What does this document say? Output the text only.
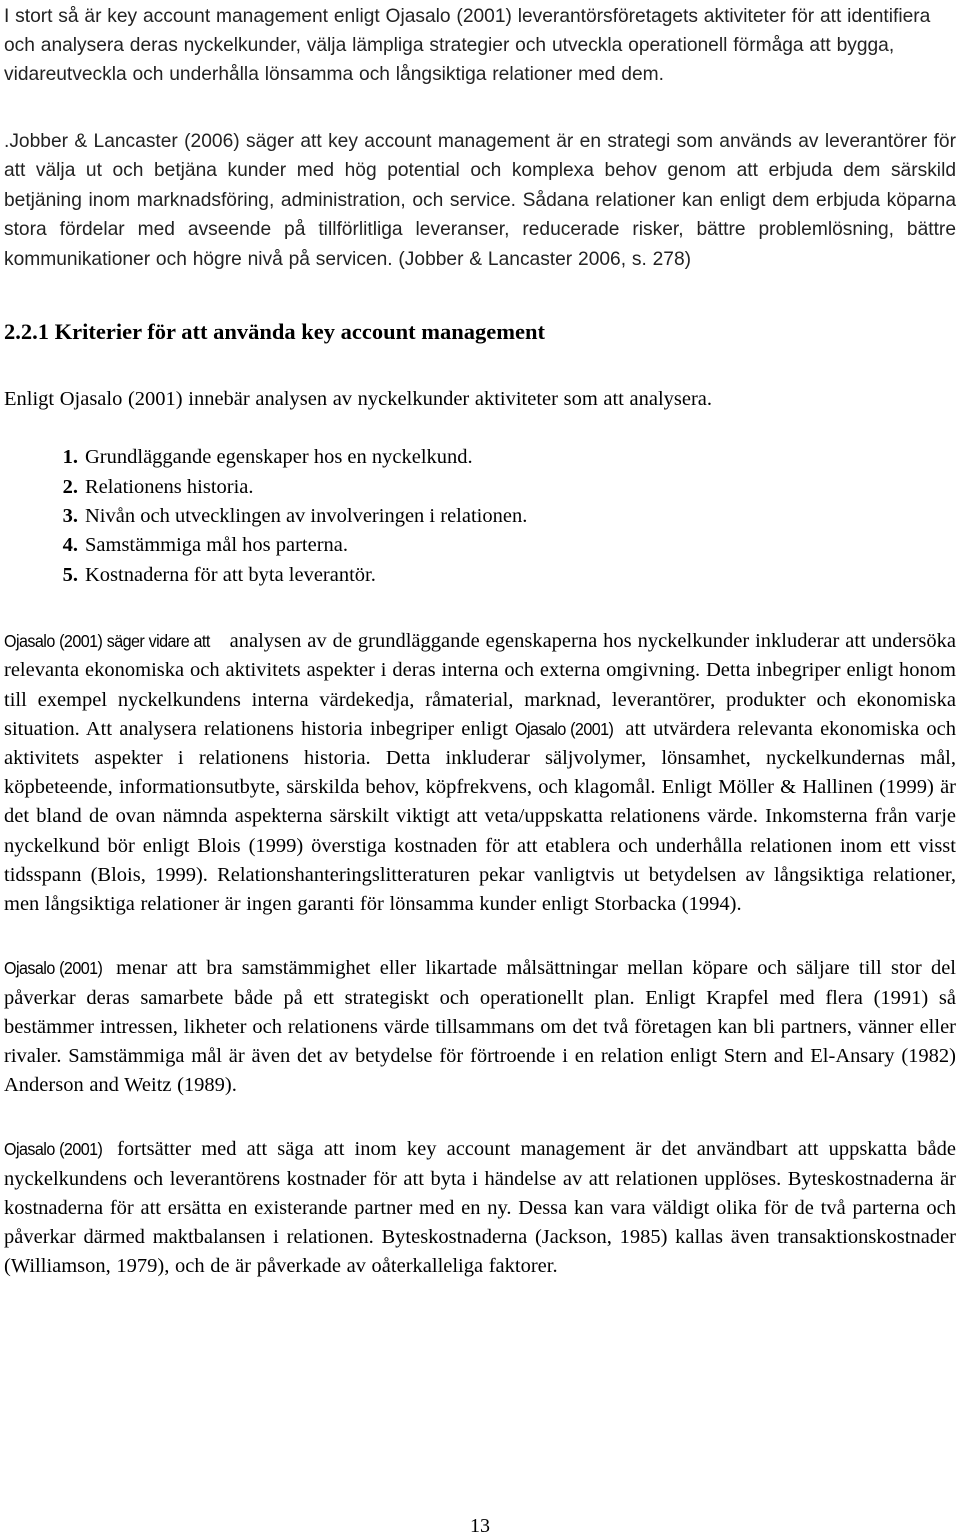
I stort så är key account management enligt Ojasalo (2001) leverantörsföretagets aktiviteter för att identifiera och analysera deras nyckelkunder, välja lämpliga strategier och utveckla operationell förmåga att bygga, vidareutveckla och underhålla lönsamma och långsiktiga relationer med dem.

.Jobber & Lancaster (2006) säger att key account management är en strategi som används av leverantörer för att välja ut och betjäna kunder med hög potential och komplexa behov genom att erbjuda dem särskild betjäning inom marknadsföring, administration, och service. Sådana relationer kan enligt dem erbjuda köparna stora fördelar med avseende på tillförlitliga leveranser, reducerade risker, bättre problemlösning, bättre kommunikationer och högre nivå på servicen. (Jobber & Lancaster 2006, s. 278)

2.2.1 Kriterier för att använda key account management

Enligt Ojasalo (2001) innebär analysen av nyckelkunder aktiviteter som att analysera.

1. Grundläggande egenskaper hos en nyckelkund.
2. Relationens historia.
3. Nivån och utvecklingen av involveringen i relationen.
4. Samstämmiga mål hos parterna.
5. Kostnaderna för att byta leverantör.

Ojasalo (2001) säger vidare att analysen av de grundläggande egenskaperna hos nyckelkunder inkluderar att undersöka relevanta ekonomiska och aktivitets aspekter i deras interna och externa omgivning. Detta inbegriper enligt honom till exempel nyckelkundens interna värdekedja, råmaterial, marknad, leverantörer, produkter och ekonomiska situation. Att analysera relationens historia inbegriper enligt Ojasalo (2001) att utvärdera relevanta ekonomiska och aktivitets aspekter i relationens historia. Detta inkluderar säljvolymer, lönsamhet, nyckelkundernas mål, köpbeteende, informationsutbyte, särskilda behov, köpfrekvens, och klagomål. Enligt Möller & Hallinen (1999) är det bland de ovan nämnda aspekterna särskilt viktigt att veta/uppskatta relationens värde. Inkomsterna från varje nyckelkund bör enligt Blois (1999) överstiga kostnaden för att etablera och underhålla relationen inom ett visst tidsspann (Blois, 1999). Relationshanteringslitteraturen pekar vanligtvis ut betydelsen av långsiktiga relationer, men långsiktiga relationer är ingen garanti för lönsamma kunder enligt Storbacka (1994).

Ojasalo (2001) menar att bra samstämmighet eller likartade målsättningar mellan köpare och säljare till stor del påverkar deras samarbete både på ett strategiskt och operationellt plan. Enligt Krapfel med flera (1991) så bestämmer intressen, likheter och relationens värde tillsammans om det två företagen kan bli partners, vänner eller rivaler. Samstämmiga mål är även det av betydelse för förtroende i en relation enligt Stern and El-Ansary (1982) Anderson and Weitz (1989).

Ojasalo (2001) fortsätter med att säga att inom key account management är det användbart att uppskatta både nyckelkundens och leverantörens kostnader för att byta i händelse av att relationen upplöses. Byteskostnaderna är kostnaderna för att ersätta en existerande partner med en ny. Dessa kan vara väldigt olika för de två parterna och påverkar därmed maktbalansen i relationen. Byteskostnaderna (Jackson, 1985) kallas även transaktionskostnader (Williamson, 1979), och de är påverkade av oåterkalleliga faktorer.

13
